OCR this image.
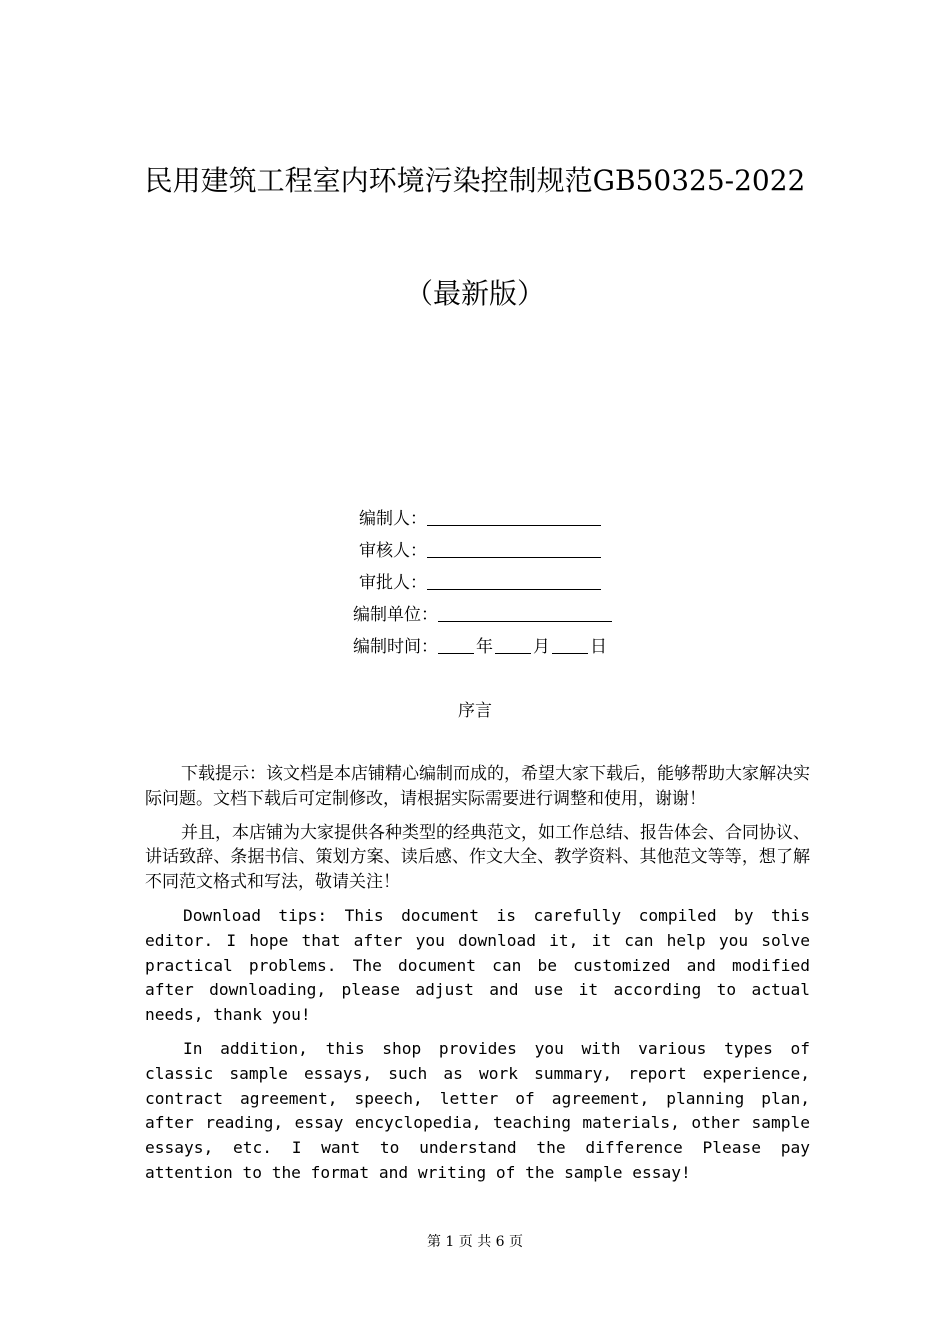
民用建筑工程室内环境污染控制规范GB50325-2022
（最新版）
编制人：
审核人：
审批人：
编制单位：
编制时间： 年 月 日
序言

下载提示：该文档是本店铺精心编制而成的，希望大家下载后，能够帮助大家解决实际问题。文档下载后可定制修改，请根据实际需要进行调整和使用，谢谢！

并且，本店铺为大家提供各种类型的经典范文，如工作总结、报告体会、合同协议、讲话致辞、条据书信、策划方案、读后感、作文大全、教学资料、其他范文等等，想了解不同范文格式和写法，敬请关注！

Download tips: This document is carefully compiled by this editor. I hope that after you download it, it can help you solve practical problems. The document can be customized and modified after downloading, please adjust and use it according to actual needs, thank you!

In addition, this shop provides you with various types of classic sample essays, such as work summary, report experience, contract agreement, speech, letter of agreement, planning plan, after reading, essay encyclopedia, teaching materials, other sample essays, etc. I want to understand the difference Please pay attention to the format and writing of the sample essay!

第 1 页 共 6 页
